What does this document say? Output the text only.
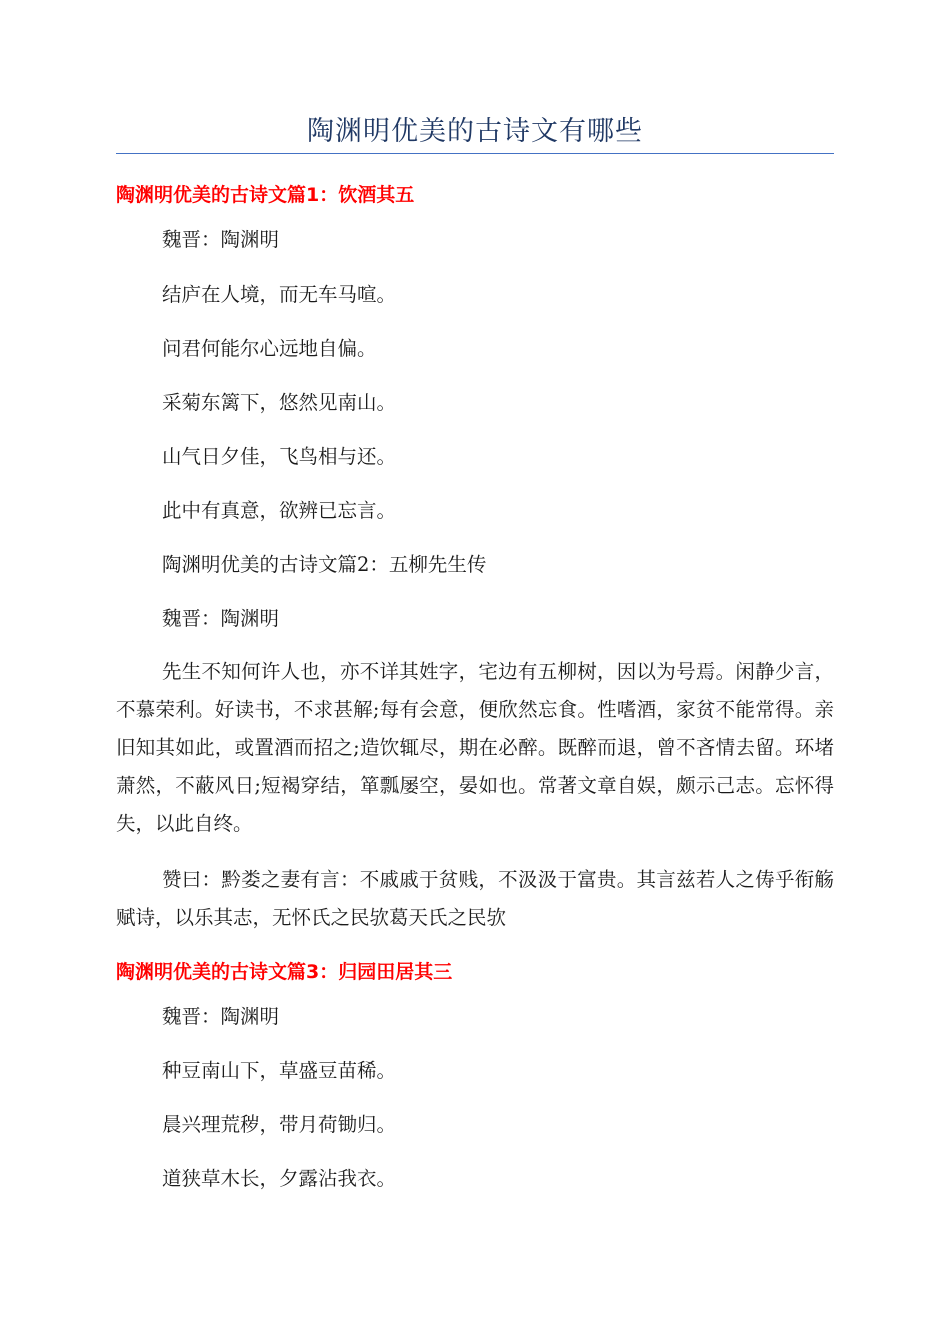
陶渊明优美的古诗文有哪些
陶渊明优美的古诗文篇1：饮酒其五
魏晋：陶渊明
结庐在人境，而无车马喧。
问君何能尔心远地自偏。
采菊东篱下，悠然见南山。
山气日夕佳，飞鸟相与还。
此中有真意，欲辨已忘言。
陶渊明优美的古诗文篇2：五柳先生传
魏晋：陶渊明
先生不知何许人也，亦不详其姓字，宅边有五柳树，因以为号焉。闲静少言，不慕荣利。好读书，不求甚解;每有会意，便欣然忘食。性嗜酒，家贫不能常得。亲旧知其如此，或置酒而招之;造饮辄尽，期在必醉。既醉而退，曾不吝情去留。环堵萧然，不蔽风日;短褐穿结，箪瓢屡空，晏如也。常著文章自娱，颇示己志。忘怀得失，以此自终。
赞曰：黔娄之妻有言：不戚戚于贫贱，不汲汲于富贵。其言兹若人之俦乎衔觞赋诗，以乐其志，无怀氏之民欤葛天氏之民欤
陶渊明优美的古诗文篇3：归园田居其三
魏晋：陶渊明
种豆南山下，草盛豆苗稀。
晨兴理荒秽，带月荷锄归。
道狭草木长，夕露沾我衣。
